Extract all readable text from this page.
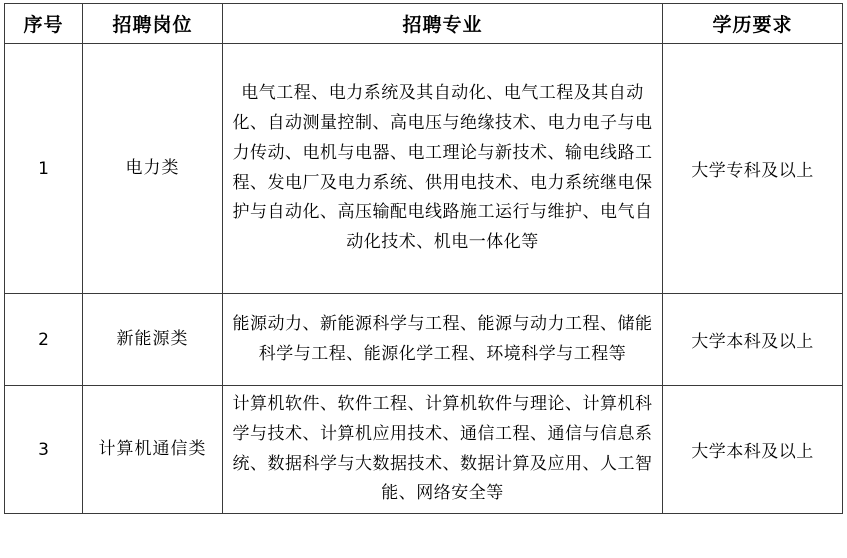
序号	招聘岗位	招聘专业	学历要求
1	电力类	电气工程、电力系统及其自动化、电气工程及其自动化、自动测量控制、高电压与绝缘技术、电力电子与电力传动、电机与电器、电工理论与新技术、输电线路工程、发电厂及电力系统、供用电技术、电力系统继电保护与自动化、高压输配电线路施工运行与维护、电气自动化技术、机电一体化等	大学专科及以上
2	新能源类	能源动力、新能源科学与工程、能源与动力工程、储能科学与工程、能源化学工程、环境科学与工程等	大学本科及以上
3	计算机通信类	计算机软件、软件工程、计算机软件与理论、计算机科学与技术、计算机应用技术、通信工程、通信与信息系统、数据科学与大数据技术、数据计算及应用、人工智能、网络安全等	大学本科及以上
